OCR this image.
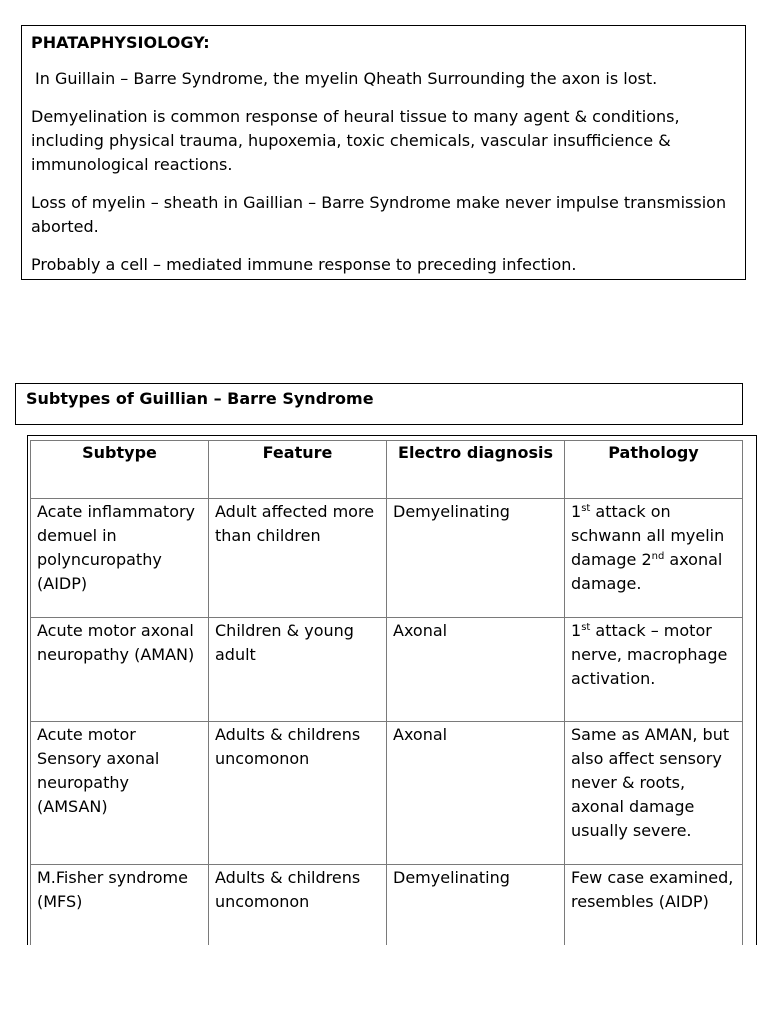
PHATAPHYSIOLOGY:

In Guillain – Barre Syndrome, the myelin Qheath Surrounding the axon is lost.

Demyelination is common response of heural tissue to many agent & conditions, including physical trauma, hupoxemia, toxic chemicals, vascular insufficience & immunological reactions.

Loss of myelin – sheath in Gaillian – Barre Syndrome make never impulse transmission aborted.

Probably a cell – mediated immune response to preceding infection.

Subtypes of Guillian – Barre Syndrome
Subtype	Feature	Electro diagnosis	Pathology
Acate inflammatory demuel in polyncuropathy (AIDP)	Adult affected more than children	Demyelinating	1st attack on schwann all myelin damage 2nd axonal damage.
Acute motor axonal neuropathy (AMAN)	Children & young adult	Axonal	1st attack – motor nerve, macrophage activation.
Acute motor Sensory axonal neuropathy (AMSAN)	Adults & childrens uncomonon	Axonal	Same as AMAN, but also affect sensory never & roots, axonal damage usually severe.
M.Fisher syndrome (MFS)	Adults & childrens uncomonon	Demyelinating	Few case examined, resembles (AIDP)
